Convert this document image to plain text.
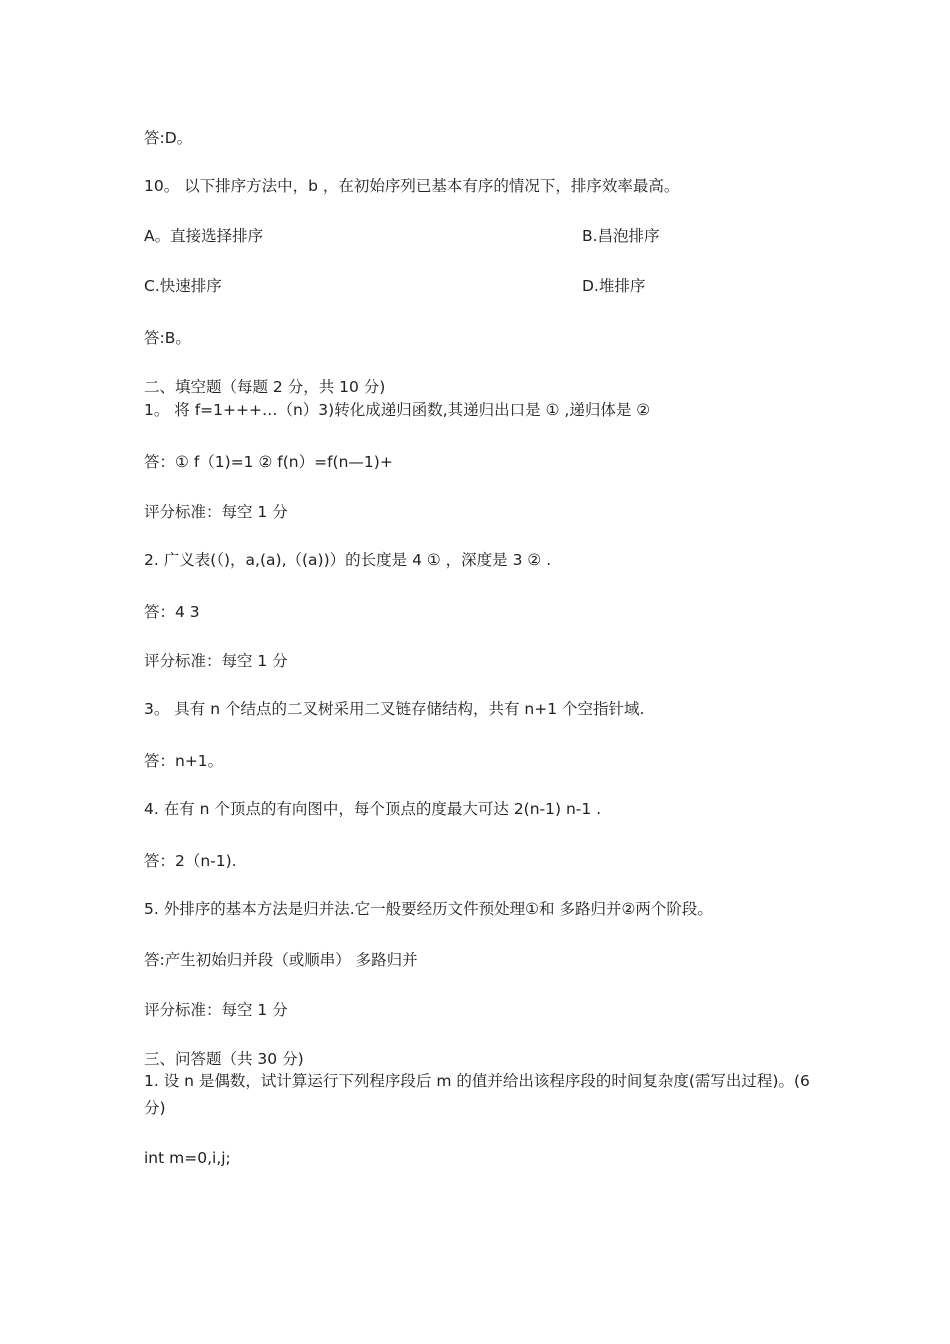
答:D。
10。 以下排序方法中，b ，在初始序列已基本有序的情况下，排序效率最高。
A。直接选择排序	B.昌泡排序
C.快速排序	D.堆排序
答:B。
二、填空题（每题 2 分，共 10 分)
1。 将 f=1+++…（n）3)转化成递归函数,其递归出口是 ① ,递归体是 ②
答：① f（1)=1 ② f(n）=f(n—1)+
评分标准：每空 1 分
2. 广义表(（)，a,(a),（(a))）的长度是 4 ① ，深度是 3 ② .
答：4 3
评分标准：每空 1 分
3。 具有 n 个结点的二叉树采用二叉链存储结构，共有 n+1 个空指针域.
答：n+1。
4. 在有 n 个顶点的有向图中，每个顶点的度最大可达 2(n-1) n-1 .
答：2（n-1).
5. 外排序的基本方法是归并法.它一般要经历文件预处理①和 多路归并②两个阶段。
答:产生初始归并段（或顺串） 多路归并
评分标准：每空 1 分
三、问答题（共 30 分)
1. 设 n 是偶数，试计算运行下列程序段后 m 的值并给出该程序段的时间复杂度(需写出过程)。(6 分)
int m=0,i,j;
